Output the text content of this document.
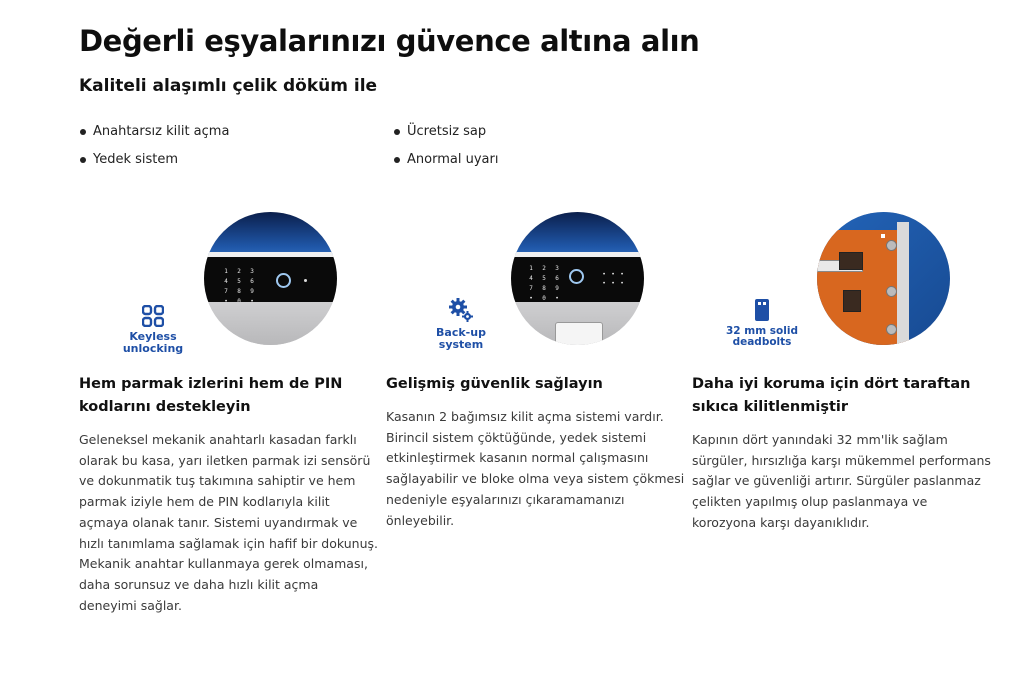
Değerli eşyalarınızı güvence altına alın
Kaliteli alaşımlı çelik döküm ile
Anahtarsız kilit açma
Yedek sistem
Ücretsiz sap
Anormal uyarı
1	2	3
4	5	6
7	8	9
Keyless unlocking
Hem parmak izlerini hem de PIN kodlarını destekleyin

Geleneksel mekanik anahtarlı kasadan farklı olarak bu kasa, yarı iletken parmak izi sensörü ve dokunmatik tuş takımına sahiptir ve hem parmak iziyle hem de PIN kodlarıyla kilit açmaya olanak tanır. Sistemi uyandırmak ve hızlı tanımlama sağlamak için hafif bir dokunuş. Mekanik anahtar kullanmaya gerek olmaması, daha sorunsuz ve daha hızlı kilit açma deneyimi sağlar.

1	2	3
4	5	6
7	8	9
•	0	•
• • •
• • •
Back-up system
Gelişmiş güvenlik sağlayın

Kasanın 2 bağımsız kilit açma sistemi vardır. Birincil sistem çöktüğünde, yedek sistemi etkinleştirmek kasanın normal çalışmasını sağlayabilir ve bloke olma veya sistem çökmesi nedeniyle eşyalarınızı çıkaramamanızı önleyebilir.

32 mm solid
deadbolts
Daha iyi koruma için dört taraftan sıkıca kilitlenmiştir

Kapının dört yanındaki 32 mm'lik sağlam sürgüler, hırsızlığa karşı mükemmel performans sağlar ve güvenliği artırır. Sürgüler paslanmaz çelikten yapılmış olup paslanmaya ve korozyona karşı dayanıklıdır.
